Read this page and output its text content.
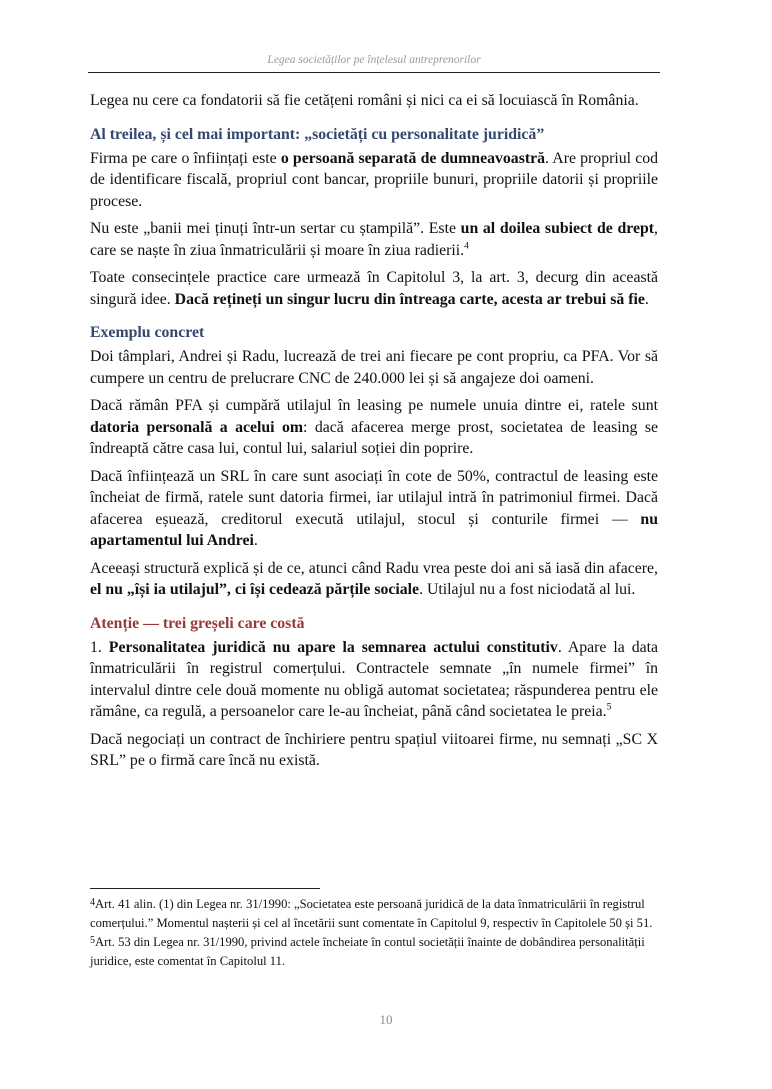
Legea societăților pe înțelesul antreprenorilor

Legea nu cere ca fondatorii să fie cetățeni români și nici ca ei să locuiască în România.

Al treilea, și cel mai important: „societăți cu personalitate juridică”

Firma pe care o înființați este o persoană separată de dumneavoastră. Are propriul cod de identificare fiscală, propriul cont bancar, propriile bunuri, propriile datorii și propriile procese.

Nu este „banii mei ținuți într-un sertar cu ștampilă”. Este un al doilea subiect de drept, care se naște în ziua înmatriculării și moare în ziua radierii.$^4$

Toate consecințele practice care urmează în Capitolul 3, la art. 3, decurg din această singură idee. Dacă rețineți un singur lucru din întreaga carte, acesta ar trebui să fie.

Exemplu concret

Doi tâmplari, Andrei și Radu, lucrează de trei ani fiecare pe cont propriu, ca PFA. Vor să cumpere un centru de prelucrare CNC de 240.000 lei și să angajeze doi oameni.

Dacă rămân PFA și cumpără utilajul în leasing pe numele unuia dintre ei, ratele sunt datoria personală a acelui om: dacă afacerea merge prost, societatea de leasing se îndreaptă către casa lui, contul lui, salariul soției din poprire.

Dacă înființează un SRL în care sunt asociați în cote de 50%, contractul de leasing este încheiat de firmă, ratele sunt datoria firmei, iar utilajul intră în patrimoniul firmei. Dacă afacerea eșuează, creditorul execută utilajul, stocul și conturile firmei — nu apartamentul lui Andrei.

Aceeași structură explică și de ce, atunci când Radu vrea peste doi ani să iasă din afacere, el nu „își ia utilajul”, ci își cedează părțile sociale. Utilajul nu a fost niciodată al lui.

Atenție — trei greșeli care costă

1. Personalitatea juridică nu apare la semnarea actului constitutiv. Apare la data înmatriculării în registrul comerțului. Contractele semnate „în numele firmei” în intervalul dintre cele două momente nu obligă automat societatea; răspunderea pentru ele rămâne, ca regulă, a persoanelor care le-au încheiat, până când societatea le preia.$^5$

Dacă negociați un contract de închiriere pentru spațiul viitoarei firme, nu semnați „SC X SRL” pe o firmă care încă nu există.

$^4$Art. 41 alin. (1) din Legea nr. 31/1990: „Societatea este persoană juridică de la data înmatriculării în registrul comerțului.” Momentul nașterii și cel al încetării sunt comentate în Capitolul 9, respectiv în Capitolele 50 și 51.

$^5$Art. 53 din Legea nr. 31/1990, privind actele încheiate în contul societății înainte de dobândirea personalității juridice, este comentat în Capitolul 11.

10
